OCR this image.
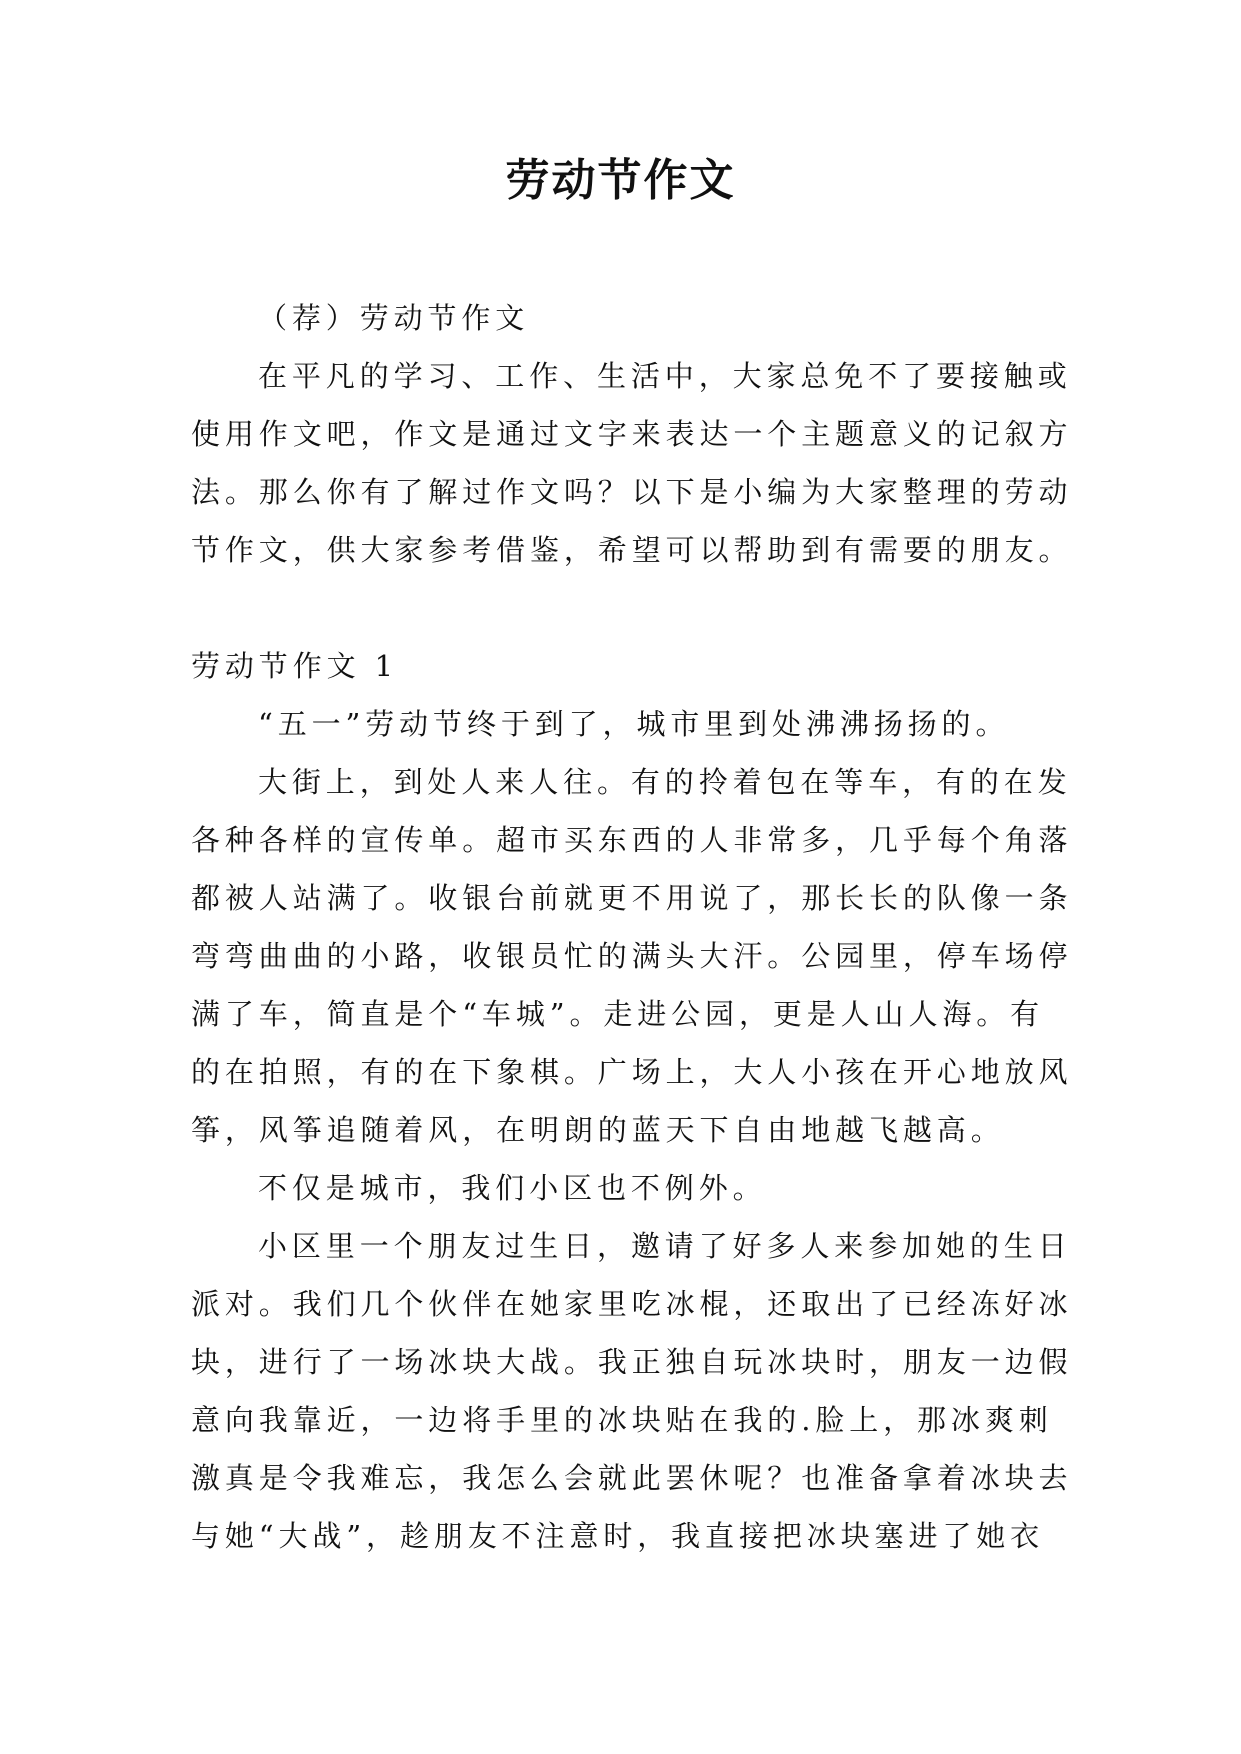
劳动节作文
（荐）劳动节作文
在平凡的学习、工作、生活中，大家总免不了要接触或
使用作文吧，作文是通过文字来表达一个主题意义的记叙方
法。那么你有了解过作文吗？以下是小编为大家整理的劳动
节作文，供大家参考借鉴，希望可以帮助到有需要的朋友。
劳动节作文 1
“五一”劳动节终于到了，城市里到处沸沸扬扬的。
大街上，到处人来人往。有的拎着包在等车，有的在发
各种各样的宣传单。超市买东西的人非常多，几乎每个角落
都被人站满了。收银台前就更不用说了，那长长的队像一条
弯弯曲曲的小路，收银员忙的满头大汗。公园里，停车场停
满了车，简直是个“车城”。走进公园，更是人山人海。有
的在拍照，有的在下象棋。广场上，大人小孩在开心地放风
筝，风筝追随着风，在明朗的蓝天下自由地越飞越高。
不仅是城市，我们小区也不例外。
小区里一个朋友过生日，邀请了好多人来参加她的生日
派对。我们几个伙伴在她家里吃冰棍，还取出了已经冻好冰
块，进行了一场冰块大战。我正独自玩冰块时，朋友一边假
意向我靠近，一边将手里的冰块贴在我的.脸上，那冰爽刺
激真是令我难忘，我怎么会就此罢休呢？也准备拿着冰块去
与她“大战”，趁朋友不注意时，我直接把冰块塞进了她衣
